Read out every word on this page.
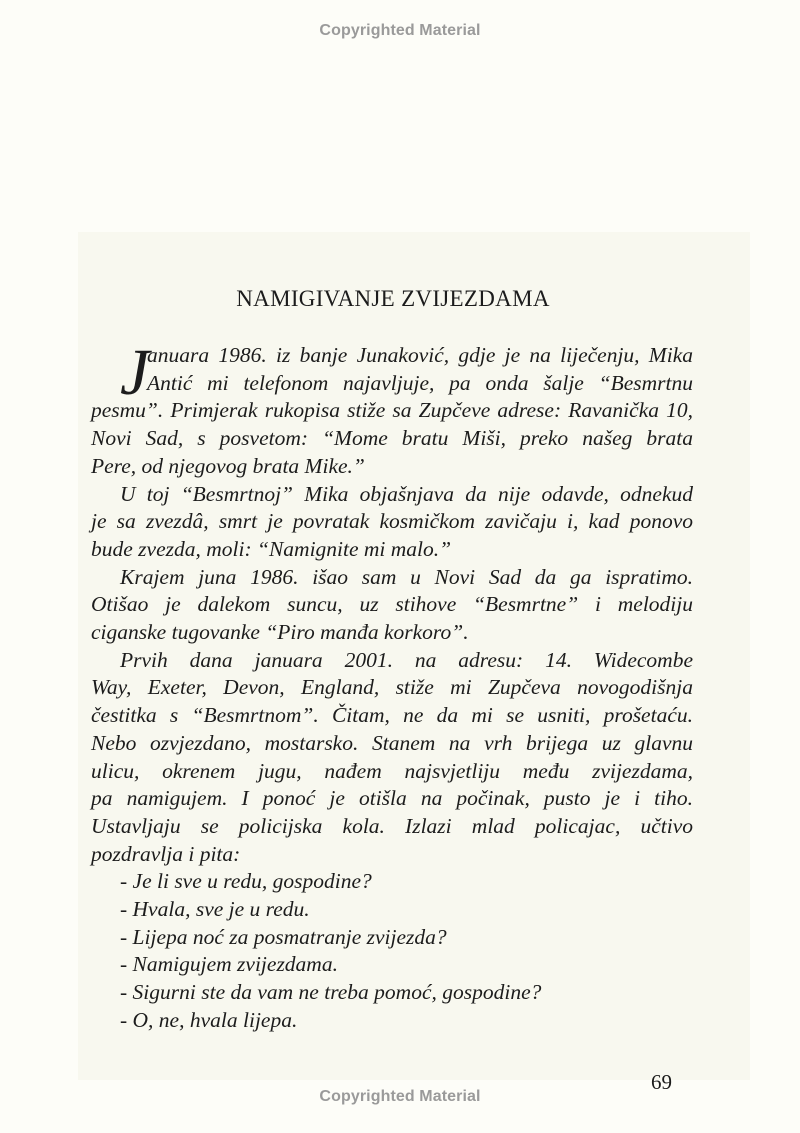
Copyrighted Material
NAMIGIVANJE ZVIJEZDAMA
J
anuara 1986. iz banje Junaković, gdje je na liječenju, Mika
Antić mi telefonom najavljuje, pa onda šalje “Besmrtnu
pesmu”. Primjerak rukopisa stiže sa Zupčeve adrese: Ravanička 10,
Novi Sad, s posvetom: “Mome bratu Miši, preko našeg brata
Pere, od njegovog brata Mike.”
U toj “Besmrtnoj” Mika objašnjava da nije odavde, odnekud
je sa zvezdâ, smrt je povratak kosmičkom zavičaju i, kad ponovo
bude zvezda, moli: “Namignite mi malo.”
Krajem juna 1986. išao sam u Novi Sad da ga ispratimo.
Otišao je dalekom suncu, uz stihove “Besmrtne” i melodiju
ciganske tugovanke “Piro manđa korkoro”.
Prvih dana januara 2001. na adresu: 14. Widecombe
Way, Exeter, Devon, England, stiže mi Zupčeva novogodišnja
čestitka s “Besmrtnom”. Čitam, ne da mi se usniti, prošetaću.
Nebo ozvjezdano, mostarsko. Stanem na vrh brijega uz glavnu
ulicu, okrenem jugu, nađem najsvjetliju među zvijezdama,
pa namigujem. I ponoć je otišla na počinak, pusto je i tiho.
Ustavljaju se policijska kola. Izlazi mlad policajac, učtivo
pozdravlja i pita:
- Je li sve u redu, gospodine?
- Hvala, sve je u redu.
- Lijepa noć za posmatranje zvijezda?
- Namigujem zvijezdama.
- Sigurni ste da vam ne treba pomoć, gospodine?
- O, ne, hvala lijepa.
69
Copyrighted Material
